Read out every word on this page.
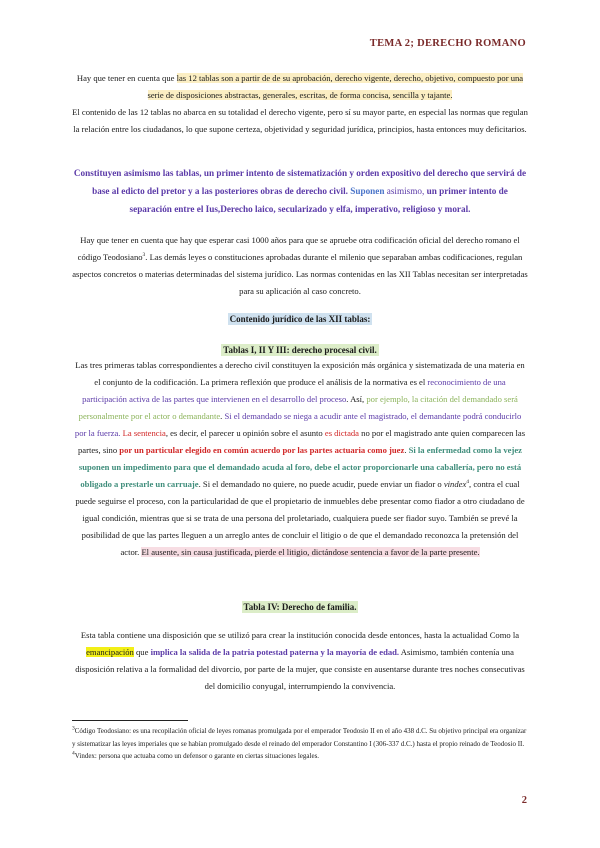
TEMA 2; DERECHO ROMANO

Hay que tener en cuenta que las 12 tablas son a partir de de su aprobación, derecho vigente, derecho, objetivo, compuesto por una serie de disposiciones abstractas, generales, escritas, de forma concisa, sencilla y tajante.

El contenido de las 12 tablas no abarca en su totalidad el derecho vigente, pero sí su mayor parte, en especial las normas que regulan la relación entre los ciudadanos, lo que supone certeza, objetividad y seguridad jurídica, principios, hasta entonces muy deficitarios.

Constituyen asimismo las tablas, un primer intento de sistematización y orden expositivo del derecho que servirá de base al edicto del pretor y a las posteriores obras de derecho civil. Suponen asimismo, un primer intento de separación entre el Ius,Derecho laico, secularizado y elfa, imperativo, religioso y moral.

Hay que tener en cuenta que hay que esperar casi 1000 años para que se apruebe otra codificación oficial del derecho romano el código Teodosiano$^3$. Las demás leyes o constituciones aprobadas durante el milenio que separaban ambas codificaciones, regulan aspectos concretos o materias determinadas del sistema jurídico. Las normas contenidas en las XII Tablas necesitan ser interpretadas para su aplicación al caso concreto.

Contenido jurídico de las XII tablas:
Tablas I, II Y III: derecho procesal civil.

Las tres primeras tablas correspondientes a derecho civil constituyen la exposición más orgánica y sistematizada de una materia en el conjunto de la codificación. La primera reflexión que produce el análisis de la normativa es el reconocimiento de una participación activa de las partes que intervienen en el desarrollo del proceso. Así, por ejemplo, la citación del demandado será personalmente por el actor o demandante. Si el demandado se niega a acudir ante el magistrado, el demandante podrá conducirlo por la fuerza. La sentencia, es decir, el parecer u opinión sobre el asunto es dictada no por el magistrado ante quien comparecen las partes, sino por un particular elegido en común acuerdo por las partes actuaria como juez. Si la enfermedad como la vejez suponen un impedimento para que el demandado acuda al foro, debe el actor proporcionarle una caballería, pero no está obligado a prestarle un carruaje. Si el demandado no quiere, no puede acudir, puede enviar un fiador o vindex$^4$, contra el cual puede seguirse el proceso, con la particularidad de que el propietario de inmuebles debe presentar como fiador a otro ciudadano de igual condición, mientras que si se trata de una persona del proletariado, cualquiera puede ser fiador suyo. También se prevé la posibilidad de que las partes lleguen a un arreglo antes de concluir el litigio o de que el demandado reconozca la pretensión del actor. El ausente, sin causa justificada, pierde el litigio, dictándose sentencia a favor de la parte presente.

Tabla IV: Derecho de familia.

Esta tabla contiene una disposición que se utilizó para crear la institución conocida desde entonces, hasta la actualidad Como la emancipación que implica la salida de la patria potestad paterna y la mayoría de edad. Asimismo, también contenía una disposición relativa a la formalidad del divorcio, por parte de la mujer, que consiste en ausentarse durante tres noches consecutivas del domicilio conyugal, interrumpiendo la convivencia.

$^3$Código Teodosiano: es una recopilación oficial de leyes romanas promulgada por el emperador Teodosio II en el año 438 d.C. Su objetivo principal era organizar y sistematizar las leyes imperiales que se habían promulgado desde el reinado del emperador Constantino I (306-337 d.C.) hasta el propio reinado de Teodosio II.
$^4$Vindex: persona que actuaba como un defensor o garante en ciertas situaciones legales.
2
